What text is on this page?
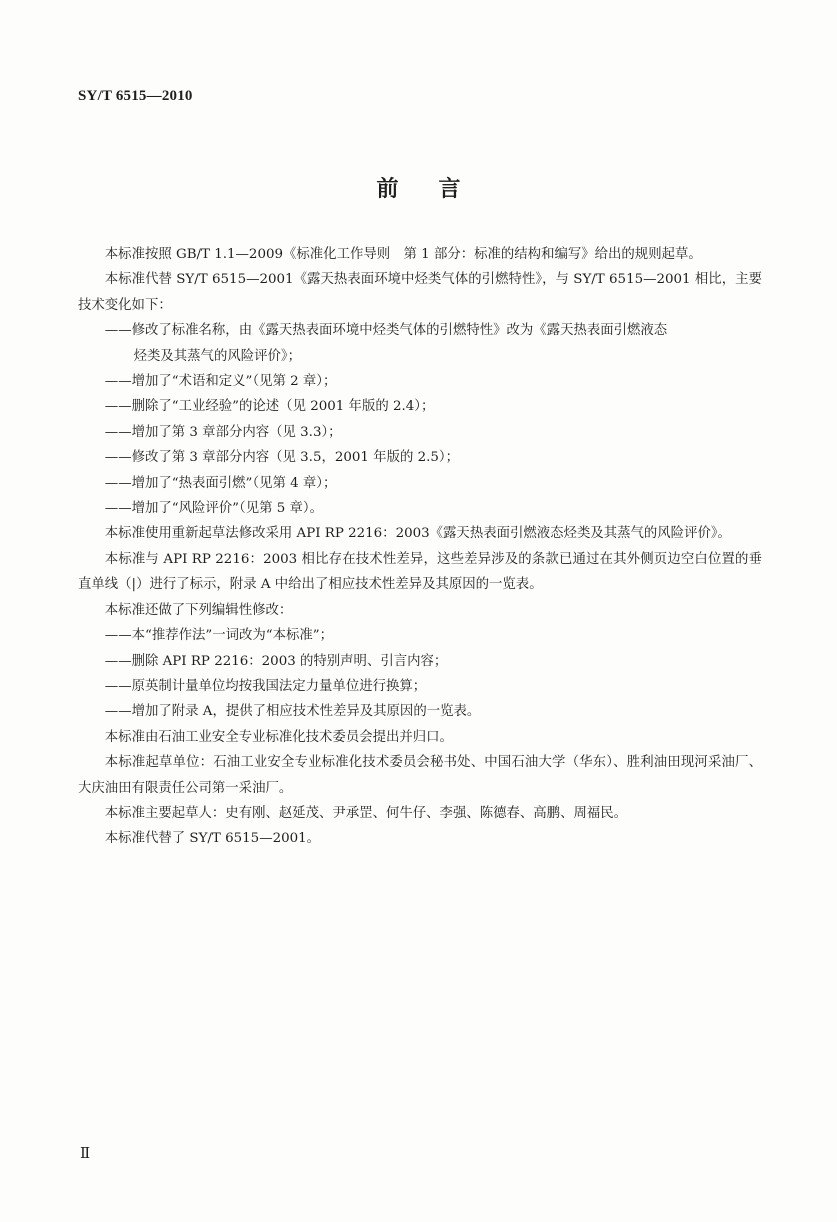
SY/T 6515—2010
前言

本标准按照 GB/T 1.1—2009《标准化工作导则　第 1 部分：标准的结构和编写》给出的规则起草。

本标准代替 SY/T 6515—2001《露天热表面环境中烃类气体的引燃特性》，与 SY/T 6515—2001 相比，主要技术变化如下：

——修改了标准名称，由《露天热表面环境中烃类气体的引燃特性》改为《露天热表面引燃液态

烃类及其蒸气的风险评价》；

——增加了“术语和定义”（见第 2 章）；

——删除了“工业经验”的论述（见 2001 年版的 2.4）；

——增加了第 3 章部分内容（见 3.3）；

——修改了第 3 章部分内容（见 3.5，2001 年版的 2.5）；

——增加了“热表面引燃”（见第 4 章）；

——增加了“风险评价”（见第 5 章）。

本标准使用重新起草法修改采用 API RP 2216：2003《露天热表面引燃液态烃类及其蒸气的风险评价》。

本标准与 API RP 2216：2003 相比存在技术性差异，这些差异涉及的条款已通过在其外侧页边空白位置的垂直单线（|）进行了标示，附录 A 中给出了相应技术性差异及其原因的一览表。

本标准还做了下列编辑性修改：

——本“推荐作法”一词改为“本标准”；

——删除 API RP 2216：2003 的特别声明、引言内容；

——原英制计量单位均按我国法定力量单位进行换算；

——增加了附录 A，提供了相应技术性差异及其原因的一览表。

本标准由石油工业安全专业标准化技术委员会提出并归口。

本标准起草单位：石油工业安全专业标准化技术委员会秘书处、中国石油大学（华东）、胜利油田现河采油厂、大庆油田有限责任公司第一采油厂。

本标准主要起草人：史有刚、赵延茂、尹承罡、何牛仔、李强、陈德春、高鹏、周福民。

本标准代替了 SY/T 6515—2001。

Ⅱ
